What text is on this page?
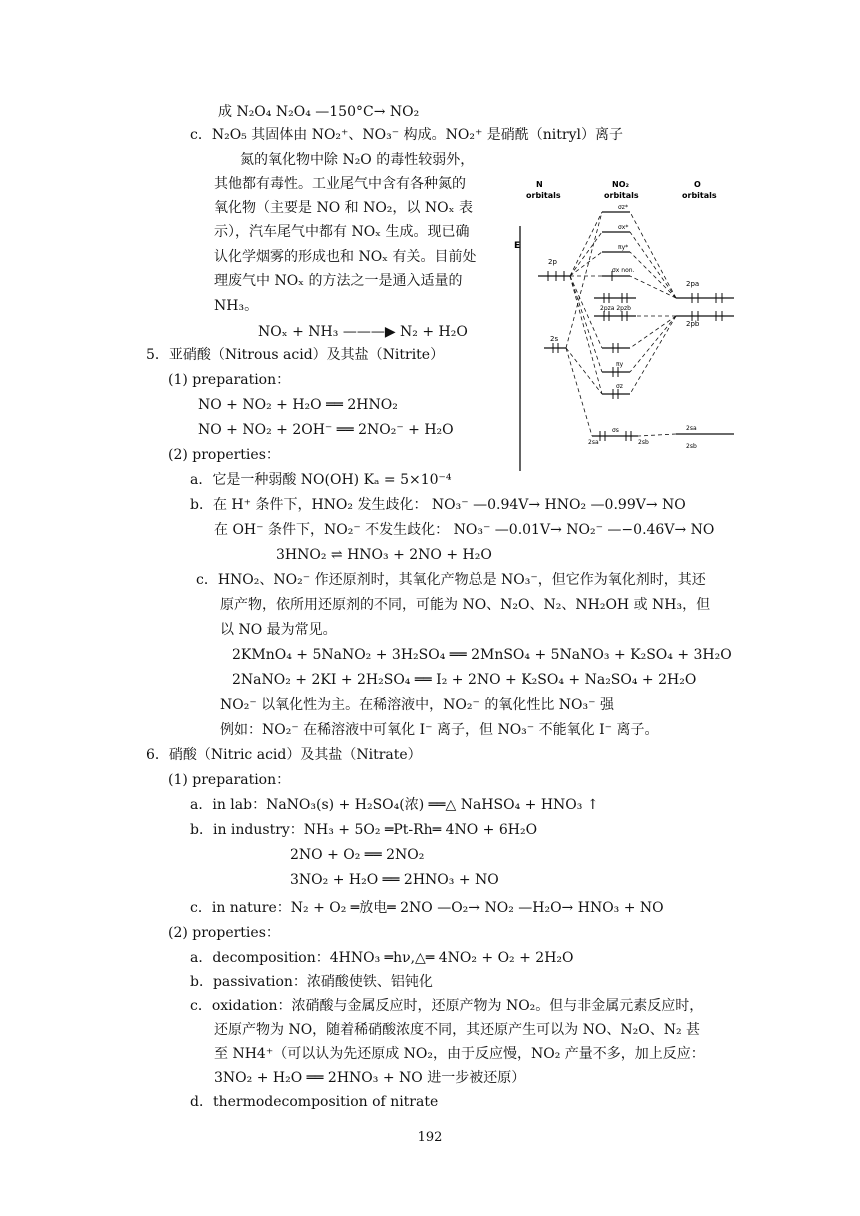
成 N₂O₄ N₂O₄ —150°C→ NO₂
c．N₂O₅ 其固体由 NO₂⁺、NO₃⁻ 构成。NO₂⁺ 是硝酰（nitryl）离子
氮的氧化物中除 N₂O 的毒性较弱外，
其他都有毒性。工业尾气中含有各种氮的
氧化物（主要是 NO 和 NO₂，以 NOₓ 表
示），汽车尾气中都有 NOₓ 生成。现已确
认化学烟雾的形成也和 NOₓ 有关。目前处
理废气中 NOₓ 的方法之一是通入适量的
NH₃。
NOₓ + NH₃ ———▶ N₂ + H₂O
5．亚硝酸（Nitrous acid）及其盐（Nitrite）
(1) preparation：
NO + NO₂ + H₂O ══ 2HNO₂
NO + NO₂ + 2OH⁻ ══ 2NO₂⁻ + H₂O
(2) properties：
a．它是一种弱酸 NO(OH) Kₐ = 5×10⁻⁴
b．在 H⁺ 条件下，HNO₂ 发生歧化： NO₃⁻ —0.94V→ HNO₂ —0.99V→ NO
在 OH⁻ 条件下，NO₂⁻ 不发生歧化： NO₃⁻ —0.01V→ NO₂⁻ —−0.46V→ NO
3HNO₂ ⇌ HNO₃ + 2NO + H₂O
c．HNO₂、NO₂⁻ 作还原剂时，其氧化产物总是 NO₃⁻，但它作为氧化剂时，其还
原产物，依所用还原剂的不同，可能为 NO、N₂O、N₂、NH₂OH 或 NH₃，但
以 NO 最为常见。
2KMnO₄ + 5NaNO₂ + 3H₂SO₄ ══ 2MnSO₄ + 5NaNO₃ + K₂SO₄ + 3H₂O
2NaNO₂ + 2KI + 2H₂SO₄ ══ I₂ + 2NO + K₂SO₄ + Na₂SO₄ + 2H₂O
NO₂⁻ 以氧化性为主。在稀溶液中，NO₂⁻ 的氧化性比 NO₃⁻ 强
例如：NO₂⁻ 在稀溶液中可氧化 I⁻ 离子，但 NO₃⁻ 不能氧化 I⁻ 离子。
6．硝酸（Nitric acid）及其盐（Nitrate）
(1) preparation：
a．in lab：NaNO₃(s) + H₂SO₄(浓) ══△ NaHSO₄ + HNO₃ ↑
b．in industry：NH₃ + 5O₂ ═Pt-Rh═ 4NO + 6H₂O
2NO + O₂ ══ 2NO₂
3NO₂ + H₂O ══ 2HNO₃ + NO
c．in nature：N₂ + O₂ ═放电═ 2NO —O₂→ NO₂ —H₂O→ HNO₃ + NO
(2) properties：
a．decomposition：4HNO₃ ═hν,△═ 4NO₂ + O₂ + 2H₂O
b．passivation：浓硝酸使铁、铝钝化
c．oxidation：浓硝酸与金属反应时，还原产物为 NO₂。但与非金属元素反应时，
还原产物为 NO，随着稀硝酸浓度不同，其还原产生可以为 NO、N₂O、N₂ 甚
至 NH4⁺（可以认为先还原成 NO₂，由于反应慢，NO₂ 产量不多，加上反应：
3NO₂ + H₂O ══ 2HNO₃ + NO 进一步被还原）
d．thermodecomposition of nitrate
E
N
orbitals
NO₂
orbitals
O
orbitals
2p
2s
2pa
2pb
2sa
2sb
σz*
σx*
πy*
σx non.
2pza 2pzb
πy
σz
σs
2sa	2sb
192
